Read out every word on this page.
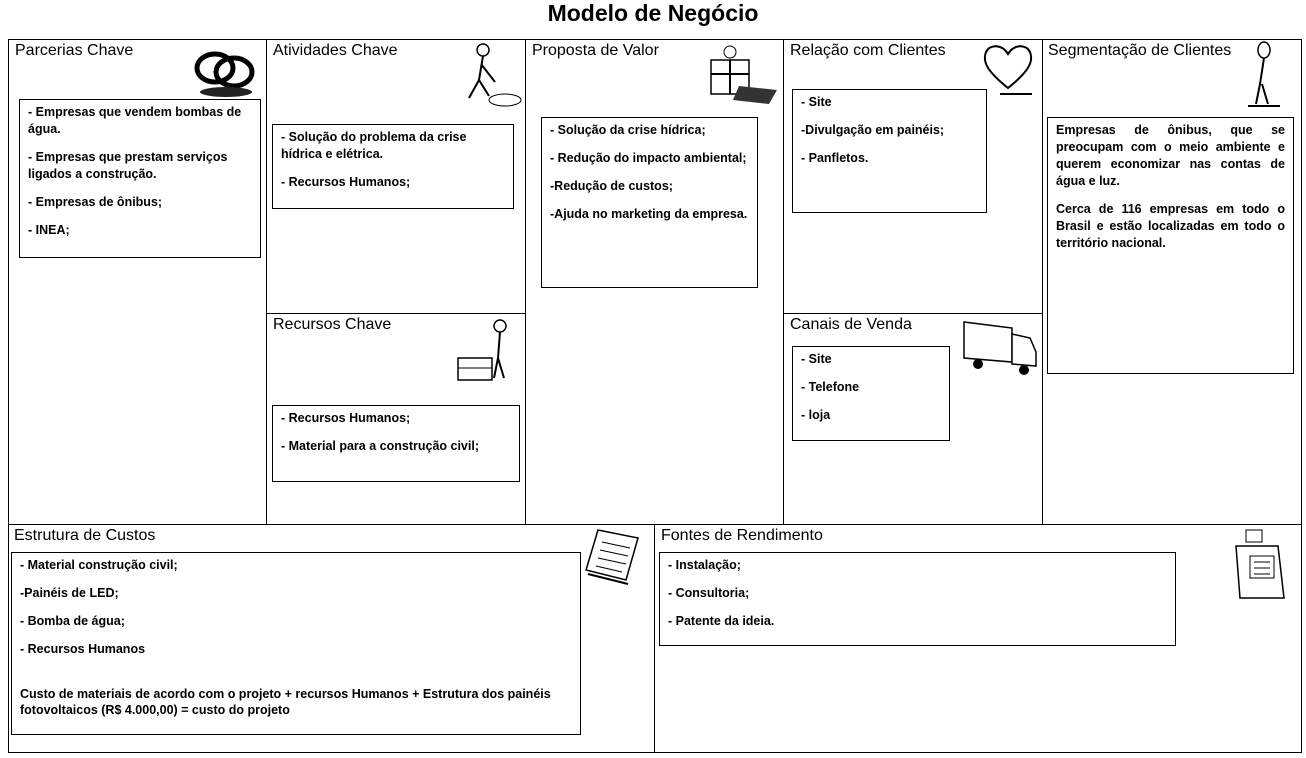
Modelo de Negócio
Parcerias Chave

- Empresas que vendem bombas de água.

- Empresas que prestam serviços ligados a construção.

- Empresas de ônibus;

- INEA;

Atividades Chave

- Solução do problema da crise hídrica e elétrica.

- Recursos Humanos;

Recursos Chave

- Recursos Humanos;

- Material para a construção civil;

Proposta de Valor

- Solução da crise hídrica;

- Redução do impacto ambiental;

-Redução de custos;

-Ajuda no marketing da empresa.

Relação com Clientes

- Site

-Divulgação em painéis;

- Panfletos.

Canais de Venda

- Site

- Telefone

- loja

Segmentação de Clientes

Empresas de ônibus, que se preocupam com o meio ambiente e querem economizar nas contas de água e luz.

Cerca de 116 empresas em todo o Brasil e estão localizadas em todo o território nacional.

Estrutura de Custos

- Material construção civil;

-Painéis de LED;

- Bomba de água;

- Recursos Humanos

Custo de materiais de acordo com o projeto + recursos Humanos + Estrutura dos painéis fotovoltaicos (R$ 4.000,00) = custo do projeto

Fontes de Rendimento

- Instalação;

- Consultoria;

- Patente da ideia.
